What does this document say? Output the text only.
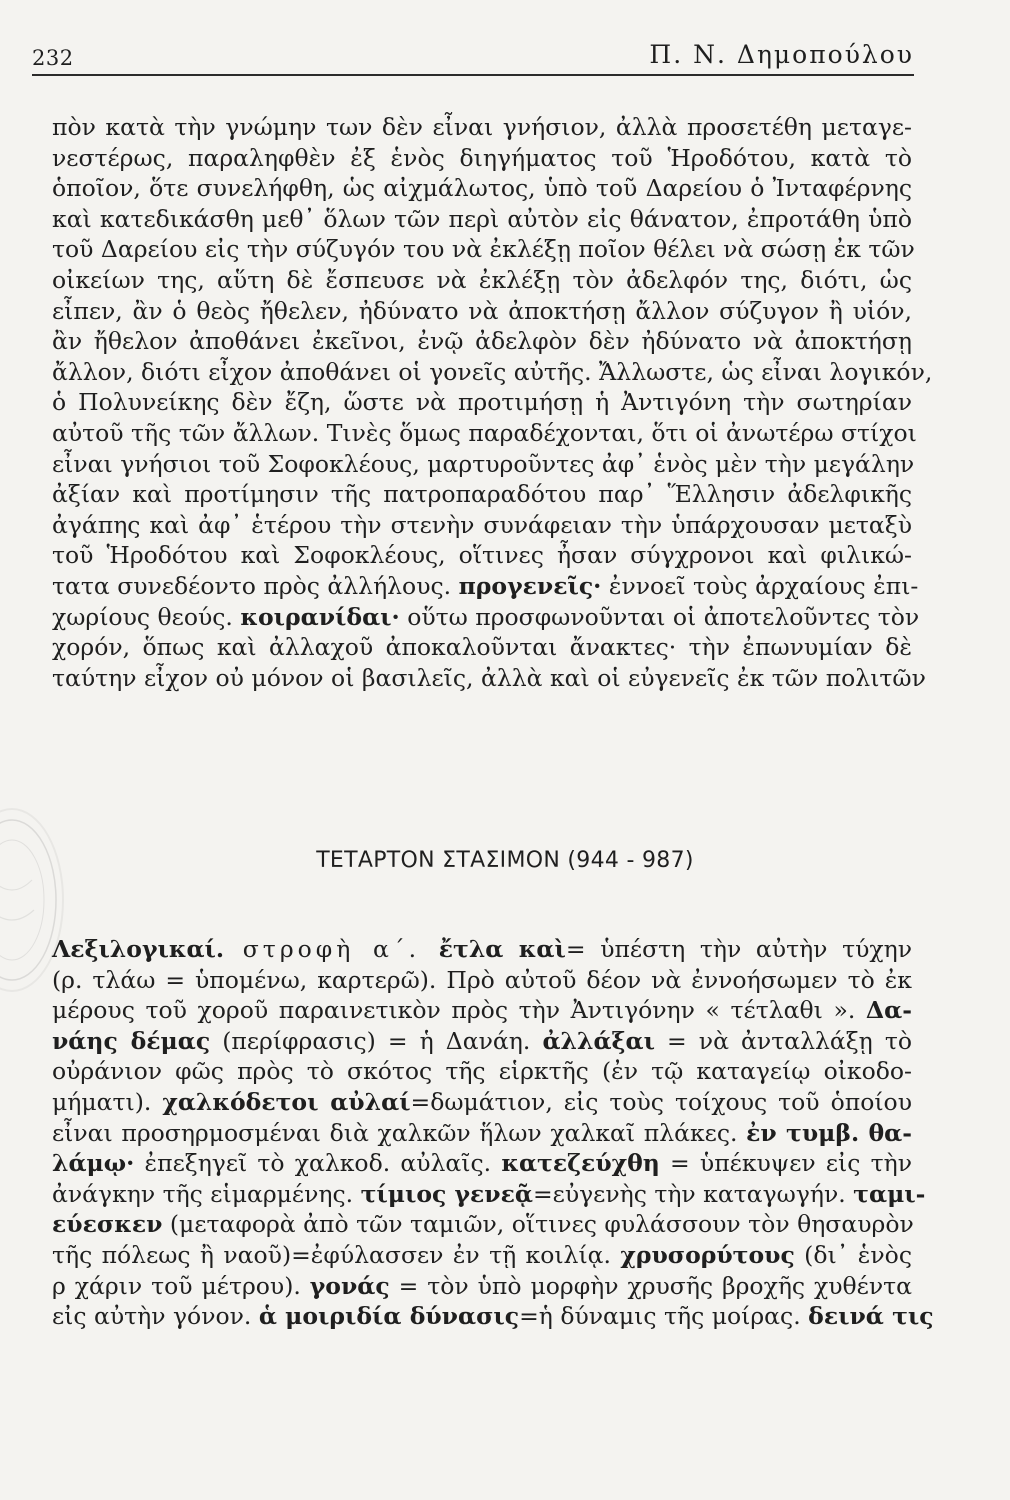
232	Π. Ν. Δημοπούλου
πὸν κατὰ τὴν γνώμην των δὲν εἶναι γνήσιον, ἀλλὰ προσετέθη μεταγε-
νεστέρως, παραληφθὲν ἐξ ἑνὸς διηγήματος τοῦ Ἡροδότου, κατὰ τὸ
ὁποῖον, ὅτε συνελήφθη, ὡς αἰχμάλωτος, ὑπὸ τοῦ Δαρείου ὁ Ἰνταφέρνης
καὶ κατεδικάσθη μεθ᾿ ὅλων τῶν περὶ αὐτὸν εἰς θάνατον, ἐπροτάθη ὑπὸ
τοῦ Δαρείου εἰς τὴν σύζυγόν του νὰ ἐκλέξῃ ποῖον θέλει νὰ σώσῃ ἐκ τῶν
οἰκείων της, αὕτη δὲ ἔσπευσε νὰ ἐκλέξῃ τὸν ἀδελφόν της, διότι, ὡς
εἶπεν, ἂν ὁ θεὸς ἤθελεν, ἠδύνατο νὰ ἀποκτήσῃ ἄλλον σύζυγον ἢ υἱόν,
ἂν ἤθελον ἀποθάνει ἐκεῖνοι, ἐνῷ ἀδελφὸν δὲν ἠδύνατο νὰ ἀποκτήσῃ
ἄλλον, διότι εἶχον ἀποθάνει οἱ γονεῖς αὐτῆς. Ἄλλωστε, ὡς εἶναι λογικόν,
ὁ Πολυνείκης δὲν ἔζη, ὥστε νὰ προτιμήσῃ ἡ Ἀντιγόνη τὴν σωτηρίαν
αὐτοῦ τῆς τῶν ἄλλων. Τινὲς ὅμως παραδέχονται, ὅτι οἱ ἀνωτέρω στίχοι
εἶναι γνήσιοι τοῦ Σοφοκλέους, μαρτυροῦντες ἀφ᾿ ἑνὸς μὲν τὴν μεγάλην
ἀξίαν καὶ προτίμησιν τῆς πατροπαραδότου παρ᾿ Ἕλλησιν ἀδελφικῆς
ἀγάπης καὶ ἀφ᾿ ἑτέρου τὴν στενὴν συνάφειαν τὴν ὑπάρχουσαν μεταξὺ
τοῦ Ἡροδότου καὶ Σοφοκλέους, οἵτινες ἦσαν σύγχρονοι καὶ φιλικώ-
τατα συνεδέοντο πρὸς ἀλλήλους. προγενεῖς· ἐννοεῖ τοὺς ἀρχαίους ἐπι-
χωρίους θεούς. κοιρανίδαι· οὕτω προσφωνοῦνται οἱ ἀποτελοῦντες τὸν
χορόν, ὅπως καὶ ἀλλαχοῦ ἀποκαλοῦνται ἄνακτες· τὴν ἐπωνυμίαν δὲ
ταύτην εἶχον οὐ μόνον οἱ βασιλεῖς, ἀλλὰ καὶ οἱ εὐγενεῖς ἐκ τῶν πολιτῶν
ΤΕΤΑΡΤΟΝ ΣΤΑΣΙΜΟΝ (944 - 987)
Λεξιλογικαί. στροφὴ α΄. ἔτλα καὶ= ὑπέστη τὴν αὐτὴν τύχην
(ρ. τλάω = ὑπομένω, καρτερῶ). Πρὸ αὐτοῦ δέον νὰ ἐννοήσωμεν τὸ ἐκ
μέρους τοῦ χοροῦ παραινετικὸν πρὸς τὴν Ἀντιγόνην « τέτλαθι ». Δα-
νάης δέμας (περίφρασις) = ἡ Δανάη. ἀλλάξαι = νὰ ἀνταλλάξῃ τὸ
οὐράνιον φῶς πρὸς τὸ σκότος τῆς εἱρκτῆς (ἐν τῷ καταγείῳ οἰκοδο-
μήματι). χαλκόδετοι αὐλαί=δωμάτιον, εἰς τοὺς τοίχους τοῦ ὁποίου
εἶναι προσηρμοσμέναι διὰ χαλκῶν ἥλων χαλκαῖ πλάκες. ἐν τυμβ. θα-
λάμῳ· ἐπεξηγεῖ τὸ χαλκοδ. αὐλαῖς. κατεζεύχθη = ὑπέκυψεν εἰς τὴν
ἀνάγκην τῆς εἱμαρμένης. τίμιος γενεᾷ=εὐγενὴς τὴν καταγωγήν. ταμι-
εύεσκεν (μεταφορὰ ἀπὸ τῶν ταμιῶν, οἵτινες φυλάσσουν τὸν θησαυρὸν
τῆς πόλεως ἢ ναοῦ)=ἐφύλασσεν ἐν τῇ κοιλίᾳ. χρυσορύτους (δι᾿ ἑνὸς
ρ χάριν τοῦ μέτρου). γονάς = τὸν ὑπὸ μορφὴν χρυσῆς βροχῆς χυθέντα
εἰς αὐτὴν γόνον. ἁ μοιριδία δύνασις=ἡ δύναμις τῆς μοίρας. δεινά τις
